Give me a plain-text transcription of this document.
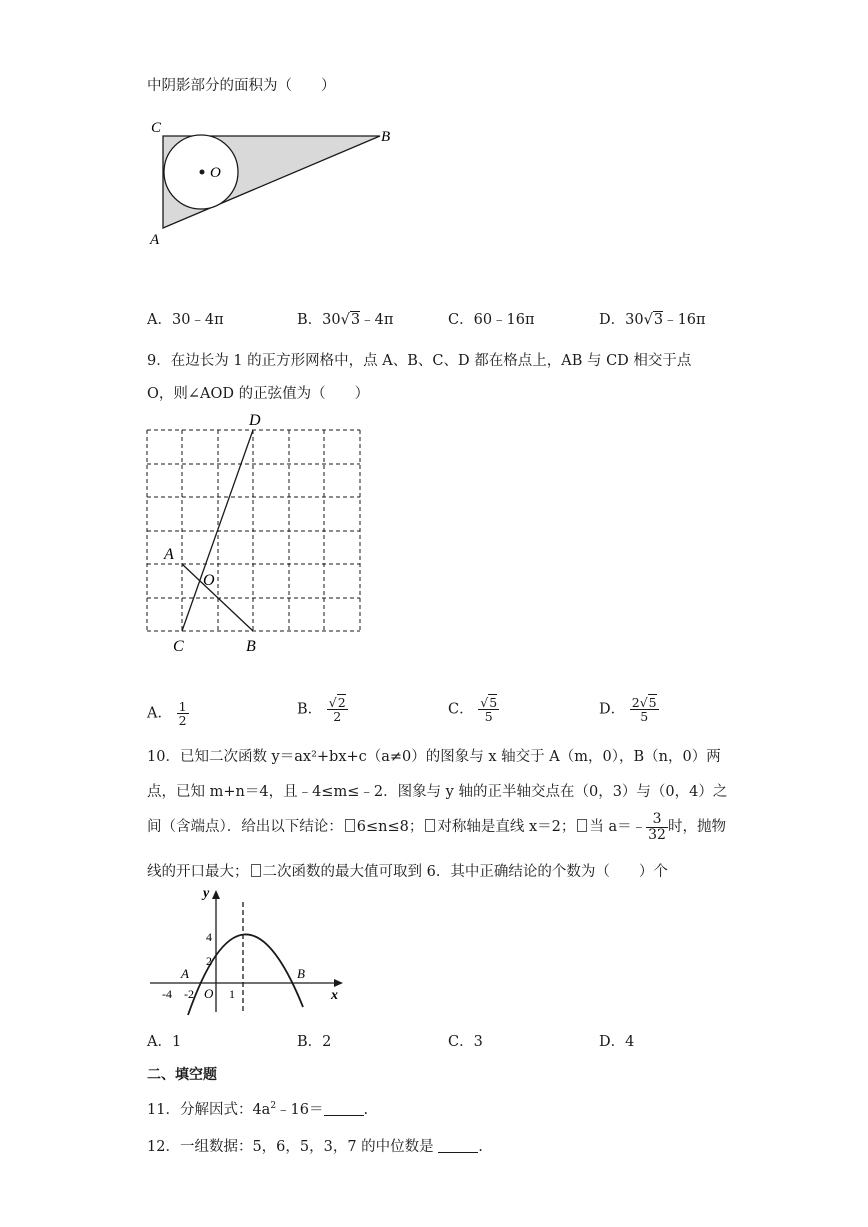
中阴影部分的面积为（　　）
C
B
A
O
A．30﹣4π	B．30√3﹣4π	C．60﹣16π	D．30√3﹣16π
9．在边长为 1 的正方形网格中，点 A、B、C、D 都在格点上，AB 与 CD 相交于点
O，则∠AOD 的正弦值为（　　）
D
A
O
C	B
A． $\frac{1}{2}$	B． $\frac{√2}{2}$	C． $\frac{√5}{5}$	D． $\frac{2√5}{5}$
10．已知二次函数 y＝ax²+bx+c（a≠0）的图象与 x 轴交于 A（m，0），B（n，0）两
点，已知 m+n＝4，且﹣4≤m≤﹣2．图象与 y 轴的正半轴交点在（0，3）与（0，4）之
间（含端点）．给出以下结论： 6≤n≤8； 对称轴是直线 x＝2； 当 a＝﹣ $\frac{3}{32}$ 时，抛物
线的开口最大； 二次函数的最大值可取到 6．其中正确结论的个数为（　　）个
y
x
O
A	B
4
2
-4 -2	1
A．1	B．2	C．3	D．4
二、填空题
11．分解因式：$4a^2﹣16=$	.
12．一组数据：5，6，5，3，7 的中位数是	.
